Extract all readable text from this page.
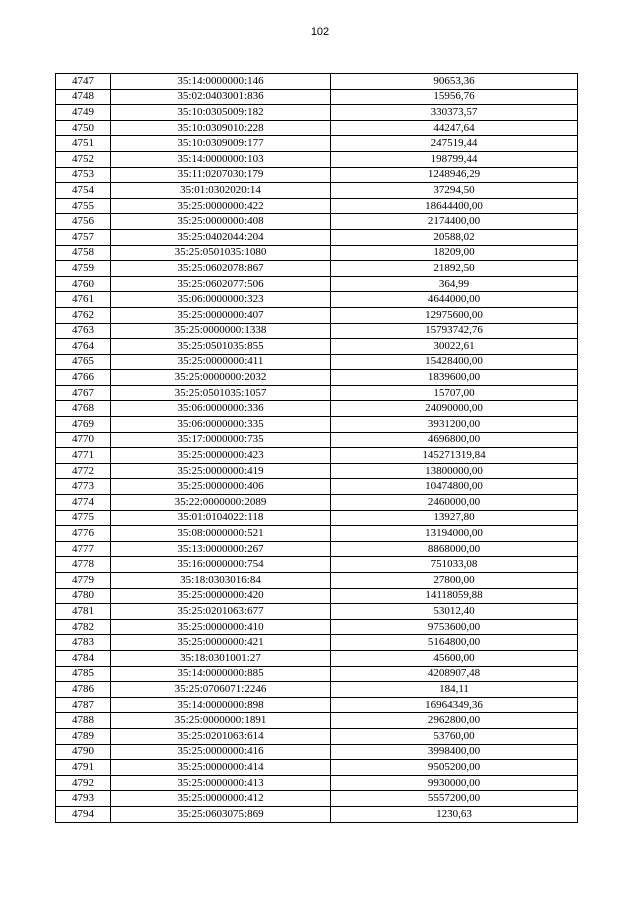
102
4747	35:14:0000000:146	90653,36
4748	35:02:0403001:836	15956,76
4749	35:10:0305009:182	330373,57
4750	35:10:0309010:228	44247,64
4751	35:10:0309009:177	247519,44
4752	35:14:0000000:103	198799,44
4753	35:11:0207030:179	1248946,29
4754	35:01:0302020:14	37294,50
4755	35:25:0000000:422	18644400,00
4756	35:25:0000000:408	2174400,00
4757	35:25:0402044:204	20588,02
4758	35:25:0501035:1080	18209,00
4759	35:25:0602078:867	21892,50
4760	35:25:0602077:506	364,99
4761	35:06:0000000:323	4644000,00
4762	35:25:0000000:407	12975600,00
4763	35:25:0000000:1338	15793742,76
4764	35:25:0501035:855	30022,61
4765	35:25:0000000:411	15428400,00
4766	35:25:0000000:2032	1839600,00
4767	35:25:0501035:1057	15707,00
4768	35:06:0000000:336	24090000,00
4769	35:06:0000000:335	3931200,00
4770	35:17:0000000:735	4696800,00
4771	35:25:0000000:423	145271319,84
4772	35:25:0000000:419	13800000,00
4773	35:25:0000000:406	10474800,00
4774	35:22:0000000:2089	2460000,00
4775	35:01:0104022:118	13927,80
4776	35:08:0000000:521	13194000,00
4777	35:13:0000000:267	8868000,00
4778	35:16:0000000:754	751033,08
4779	35:18:0303016:84	27800,00
4780	35:25:0000000:420	14118059,88
4781	35:25:0201063:677	53012,40
4782	35:25:0000000:410	9753600,00
4783	35:25:0000000:421	5164800,00
4784	35:18:0301001:27	45600,00
4785	35:14:0000000:885	4208907,48
4786	35:25:0706071:2246	184,11
4787	35:14:0000000:898	16964349,36
4788	35:25:0000000:1891	2962800,00
4789	35:25:0201063:614	53760,00
4790	35:25:0000000:416	3998400,00
4791	35:25:0000000:414	9505200,00
4792	35:25:0000000:413	9930000,00
4793	35:25:0000000:412	5557200,00
4794	35:25:0603075:869	1230,63
